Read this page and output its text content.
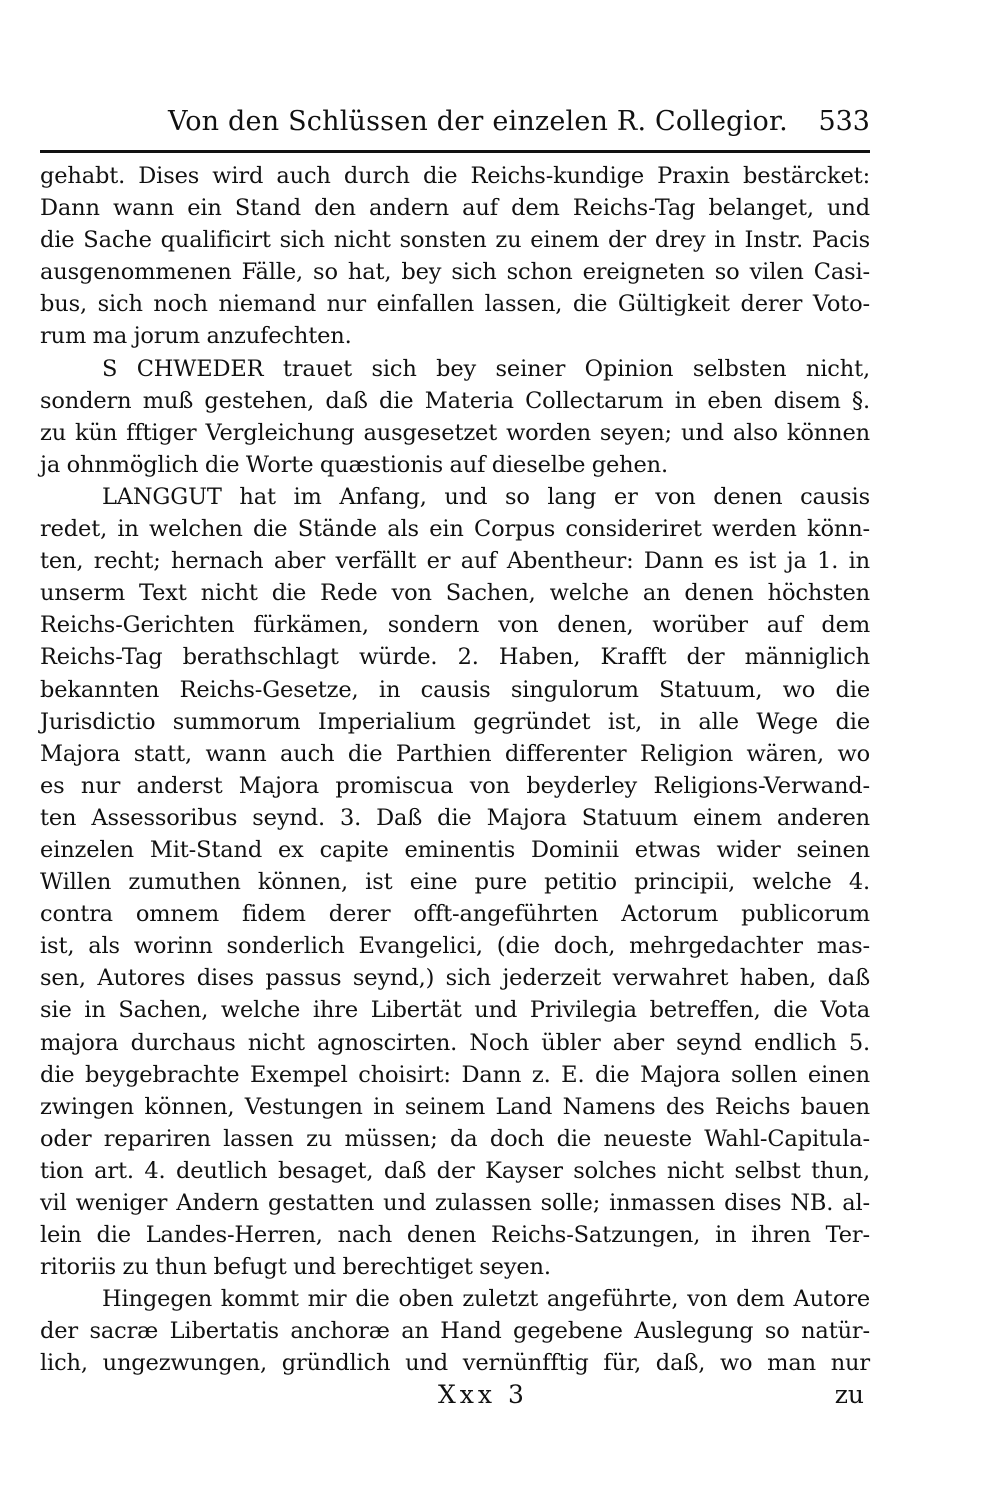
Von den Schlüssen der einzelen R. Collegior. 533
gehabt. Dises wird auch durch die Reichs-kundige Praxin bestärcket:
Dann wann ein Stand den andern auf dem Reichs-Tag belanget, und
die Sache qualificirt sich nicht sonsten zu einem der drey in Instr. Pacis
ausgenommenen Fälle, so hat, bey sich schon ereigneten so vilen Casi-
bus, sich noch niemand nur einfallen lassen, die Gültigkeit derer Voto-
rum ma jorum anzufechten.
S CHWEDER trauet sich bey seiner Opinion selbsten nicht,
sondern muß gestehen, daß die Materia Collectarum in eben disem §.
zu kün fftiger Vergleichung ausgesetzet worden seyen; und also können
ja ohnmöglich die Worte quæstionis auf dieselbe gehen.
LANGGUT hat im Anfang, und so lang er von denen causis
redet, in welchen die Stände als ein Corpus consideriret werden könn-
ten, recht; hernach aber verfällt er auf Abentheur: Dann es ist ja 1. in
unserm Text nicht die Rede von Sachen, welche an denen höchsten
Reichs-Gerichten fürkämen, sondern von denen, worüber auf dem
Reichs-Tag berathschlagt würde. 2. Haben, Krafft der männiglich
bekannten Reichs-Gesetze, in causis singulorum Statuum, wo die
Jurisdictio summorum Imperialium gegründet ist, in alle Wege die
Majora statt, wann auch die Parthien differenter Religion wären, wo
es nur anderst Majora promiscua von beyderley Religions-Verwand-
ten Assessoribus seynd. 3. Daß die Majora Statuum einem anderen
einzelen Mit-Stand ex capite eminentis Dominii etwas wider seinen
Willen zumuthen können, ist eine pure petitio principii, welche 4.
contra omnem fidem derer offt-angeführten Actorum publicorum
ist, als worinn sonderlich Evangelici, (die doch, mehrgedachter mas-
sen, Autores dises passus seynd,) sich jederzeit verwahret haben, daß
sie in Sachen, welche ihre Libertät und Privilegia betreffen, die Vota
majora durchaus nicht agnoscirten. Noch übler aber seynd endlich 5.
die beygebrachte Exempel choisirt: Dann z. E. die Majora sollen einen
zwingen können, Vestungen in seinem Land Namens des Reichs bauen
oder repariren lassen zu müssen; da doch die neueste Wahl-Capitula-
tion art. 4. deutlich besaget, daß der Kayser solches nicht selbst thun,
vil weniger Andern gestatten und zulassen solle; inmassen dises NB. al-
lein die Landes-Herren, nach denen Reichs-Satzungen, in ihren Ter-
ritoriis zu thun befugt und berechtiget seyen.
Hingegen kommt mir die oben zuletzt angeführte, von dem Autore
der sacræ Libertatis anchoræ an Hand gegebene Auslegung so natür-
lich, ungezwungen, gründlich und vernünfftig für, daß, wo man nur
Xxx 3	zu
